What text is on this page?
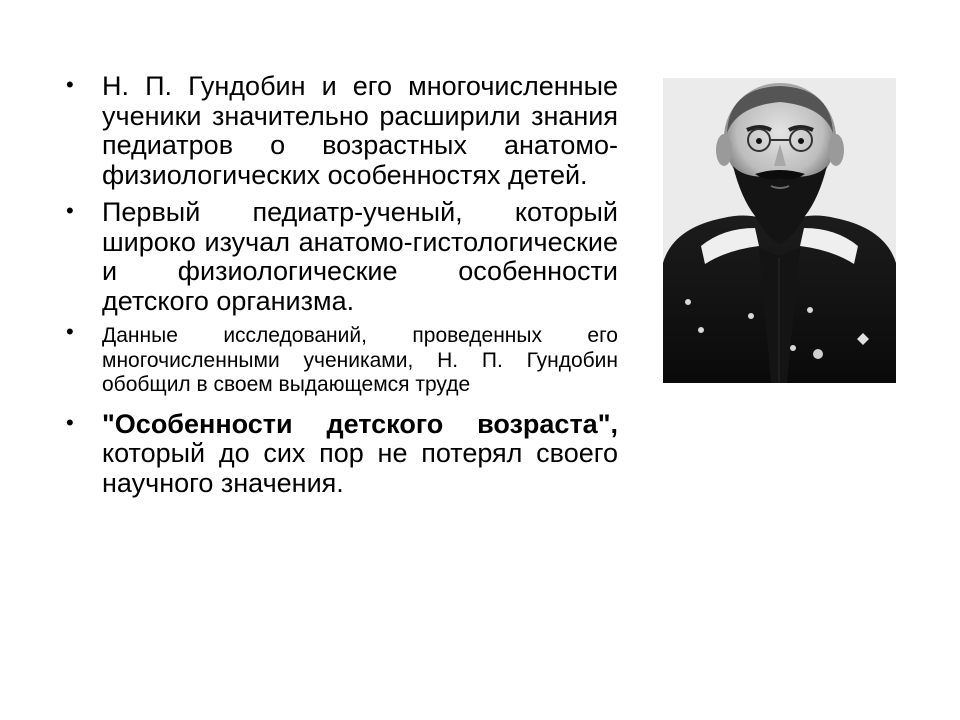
• Н. П. Гундобин и его многочисленные ученики значительно расширили знания педиатров о возрастных анатомо-физиологических особенностях детей.

• Первый педиатр-ученый, который широко изучал анатомо-гистологические и физиологические особенности детского организма.

• Данные исследований, проведенных его многочисленными учениками, Н. П. Гундобин обобщил в своем выдающемся труде

• "Особенности детского возраста", который до сих пор не потерял своего научного значения.
